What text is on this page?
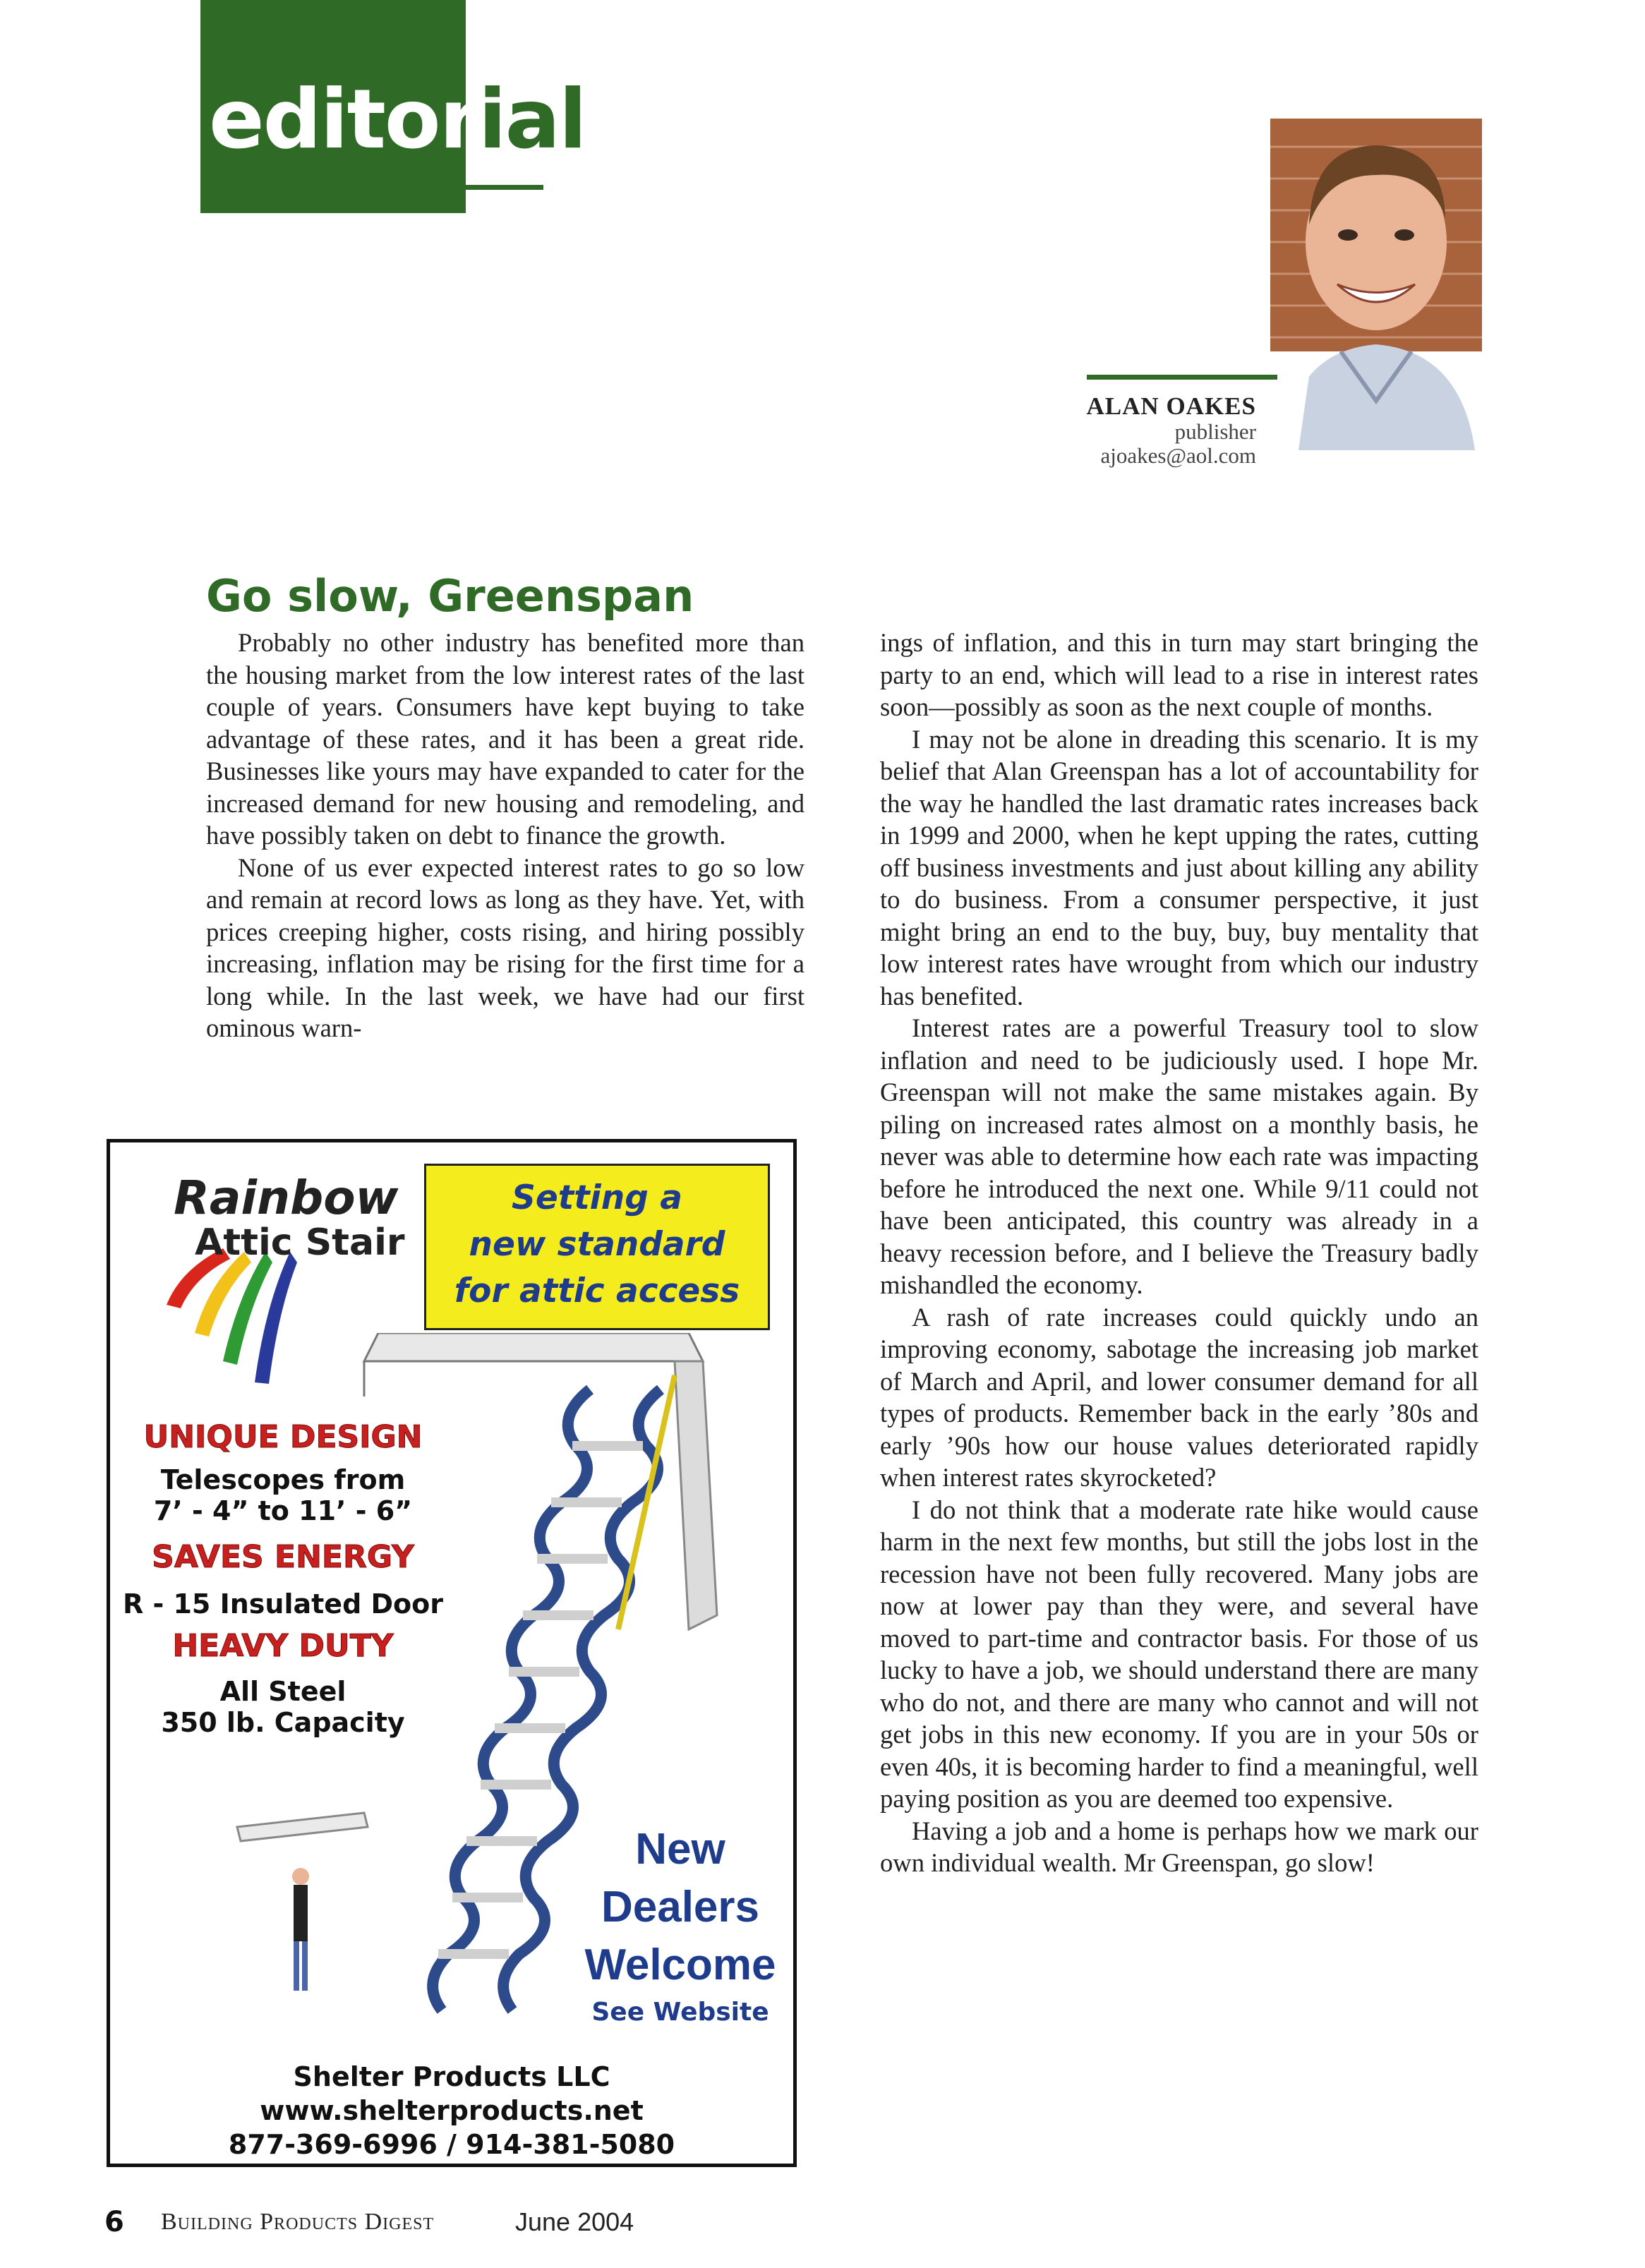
editorial
ALAN OAKES
publisher
ajoakes@aol.com
Go slow, Greenspan

Probably no other industry has benefited more than the housing market from the low interest rates of the last couple of years. Consumers have kept buying to take advantage of these rates, and it has been a great ride. Businesses like yours may have expanded to cater for the increased demand for new housing and remodeling, and have possibly taken on debt to finance the growth.

None of us ever expected interest rates to go so low and remain at record lows as long as they have. Yet, with prices creeping higher, costs rising, and hiring possibly increasing, inflation may be rising for the first time for a long while. In the last week, we have had our first ominous warn-

ings of inflation, and this in turn may start bringing the party to an end, which will lead to a rise in interest rates soon—possibly as soon as the next couple of months.

I may not be alone in dreading this scenario. It is my belief that Alan Greenspan has a lot of accountability for the way he handled the last dramatic rates increases back in 1999 and 2000, when he kept upping the rates, cutting off business investments and just about killing any ability to do business. From a consumer perspective, it just might bring an end to the buy, buy, buy mentality that low interest rates have wrought from which our industry has benefited.

Interest rates are a powerful Treasury tool to slow inflation and need to be judiciously used. I hope Mr. Greenspan will not make the same mistakes again. By piling on increased rates almost on a monthly basis, he never was able to determine how each rate was impacting before he introduced the next one. While 9/11 could not have been anticipated, this country was already in a heavy recession before, and I believe the Treasury badly mishandled the economy.

A rash of rate increases could quickly undo an improving economy, sabotage the increasing job market of March and April, and lower consumer demand for all types of products. Remember back in the early ’80s and early ’90s how our house values deteriorated rapidly when interest rates skyrocketed?

I do not think that a moderate rate hike would cause harm in the next few months, but still the jobs lost in the recession have not been fully recovered. Many jobs are now at lower pay than they were, and several have moved to part-time and contractor basis. For those of us lucky to have a job, we should understand there are many who do not, and there are many who cannot and will not get jobs in this new economy. If you are in your 50s or even 40s, it is becoming harder to find a meaningful, well paying position as you are deemed too expensive.

Having a job and a home is perhaps how we mark our own individual wealth. Mr Greenspan, go slow!

Rainbow
Attic Stair
Setting a
new standard
for attic access
UNIQUE DESIGN
Telescopes from
7’ - 4” to 11’ - 6”
SAVES ENERGY
R - 15 Insulated Door
HEAVY DUTY
All Steel
350 lb. Capacity
New
Dealers
Welcome
See Website
Shelter Products LLC
www.shelterproducts.net
877-369-6996 / 914-381-5080
6 Building Products Digest	June 2004
